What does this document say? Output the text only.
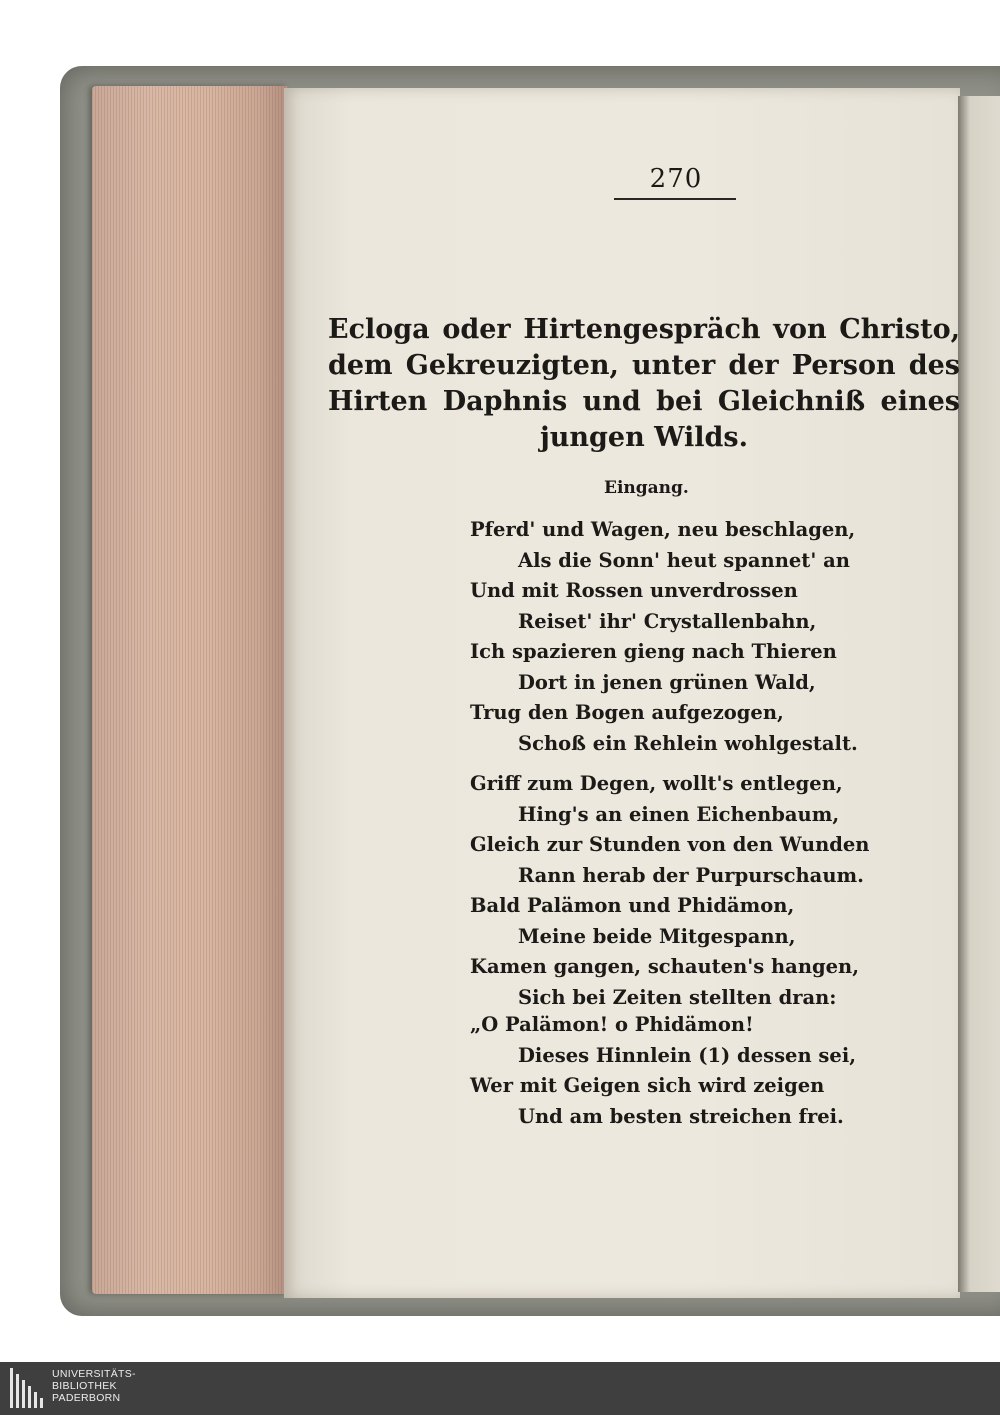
270
Ecloga oder Hirtengespräch von Christo, dem Gekreuzigten, unter der Person des Hirten Daphnis und bei Gleichniß eines jungen Wilds.
Eingang.
Pferd' und Wagen, neu beschlagen,
Als die Sonn' heut spannet' an
Und mit Rossen unverdrossen
Reiset' ihr' Crystallenbahn,
Ich spazieren gieng nach Thieren
Dort in jenen grünen Wald,
Trug den Bogen aufgezogen,
Schoß ein Rehlein wohlgestalt.
Griff zum Degen, wollt's entlegen,
Hing's an einen Eichenbaum,
Gleich zur Stunden von den Wunden
Rann herab der Purpurschaum.
Bald Palämon und Phidämon,
Meine beide Mitgespann,
Kamen gangen, schauten's hangen,
Sich bei Zeiten stellten dran:
„O Palämon! o Phidämon!
Dieses Hinnlein (1) dessen sei,
Wer mit Geigen sich wird zeigen
Und am besten streichen frei.
UNIVERSITÄTS-
BIBLIOTHEK
PADERBORN
